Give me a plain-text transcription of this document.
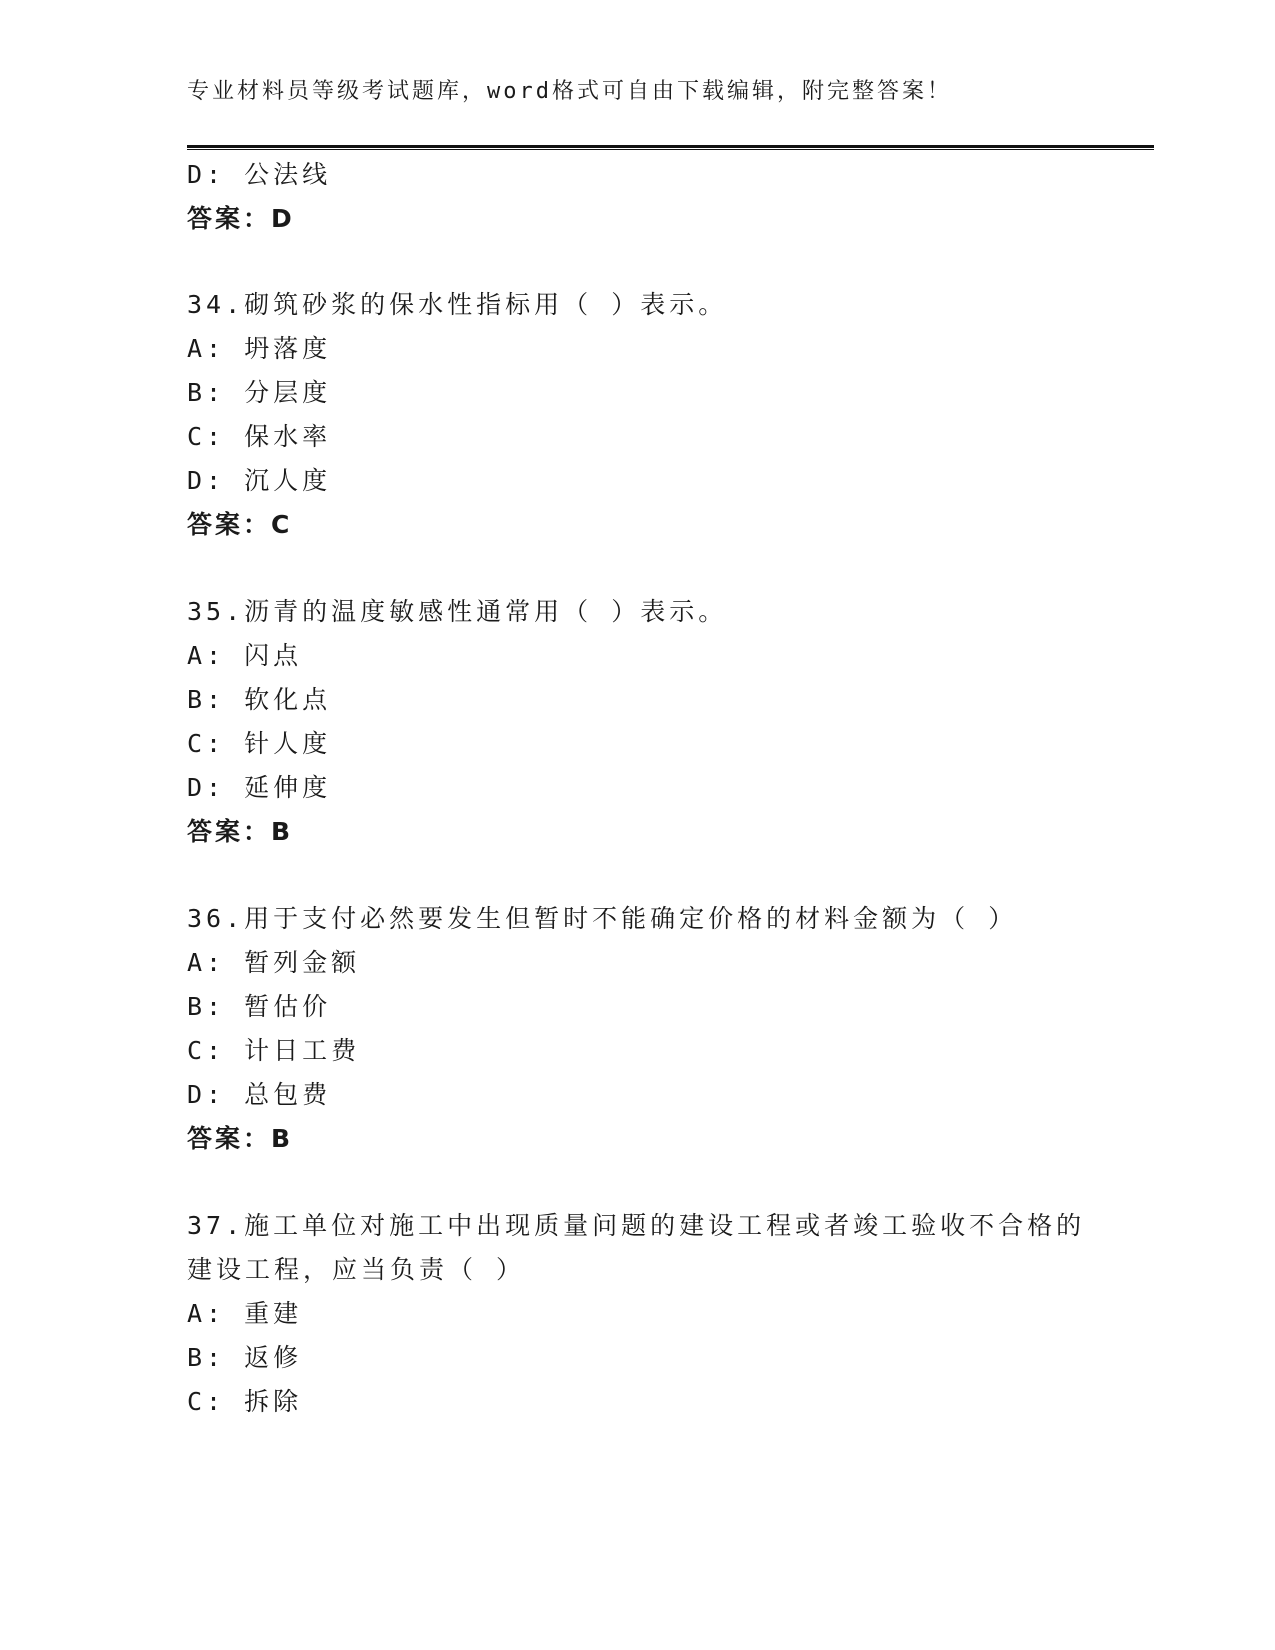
专业材料员等级考试题库，word格式可自由下载编辑，附完整答案！
D: 公法线
答案：D
34.砌筑砂浆的保水性指标用（ ）表示。
A: 坍落度
B: 分层度
C: 保水率
D: 沉人度
答案：C
35.沥青的温度敏感性通常用（ ）表示。
A: 闪点
B: 软化点
C: 针人度
D: 延伸度
答案：B
36.用于支付必然要发生但暂时不能确定价格的材料金额为（ ）
A: 暂列金额
B: 暂估价
C: 计日工费
D: 总包费
答案：B
37.施工单位对施工中出现质量问题的建设工程或者竣工验收不合格的
建设工程，应当负责（ ）
A: 重建
B: 返修
C: 拆除
